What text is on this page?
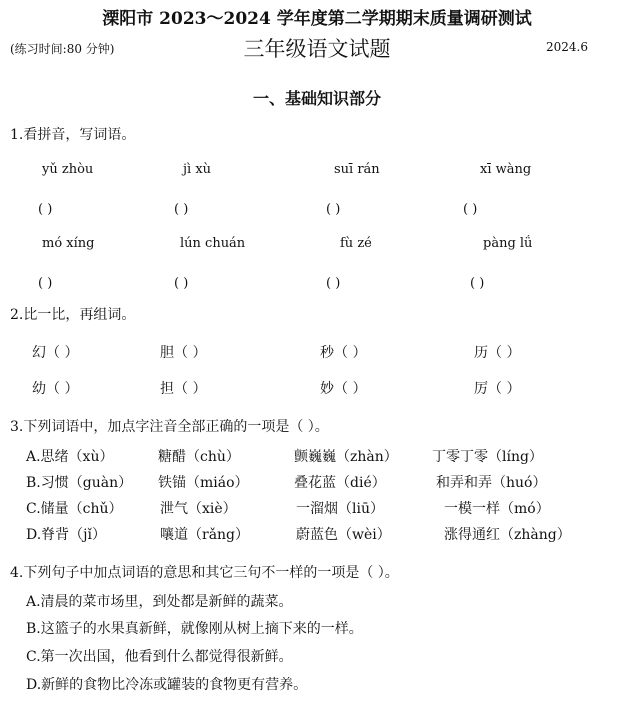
溧阳市 2023～2024 学年度第二学期期末质量调研测试
(练习时间:80 分钟)	三年级语文试题	2024.6
一、基础知识部分
1.看拼音，写词语。
yǔ zhòu	jì xù	suī rán	xī wàng
( )	( )	( )	( )
mó xíng	lún chuán	fù zé	pàng lǘ
( )	( )	( )	( )
2.比一比，再组词。
幻（ ）	胆（ ）	秒（ ）	历（ ）
幼（ ）	担（ ）	妙（ ）	厉（ ）
3.下列词语中，加点字注音全部正确的一项是（ ）。
A.思绪（xù）	糖醋（chù）	颤巍巍（zhàn） 丁零丁零（líng）
B.习惯（guàn） 铁锚（miáo）	叠花蓝（dié）	和弄和弄（huó）
C.储量（chǔ）	泄气（xiè）	一溜烟（liū）	一模一样（mó）
D.脊背（jǐ）	嚷道（rǎng）	蔚蓝色（wèi）	涨得通红（zhàng）
4.下列句子中加点词语的意思和其它三句不一样的一项是（ ）。
A.清晨的菜市场里，到处都是新鲜的蔬菜。
B.这篮子的水果真新鲜，就像刚从树上摘下来的一样。
C.第一次出国，他看到什么都觉得很新鲜。
D.新鲜的食物比冷冻或罐装的食物更有营养。
